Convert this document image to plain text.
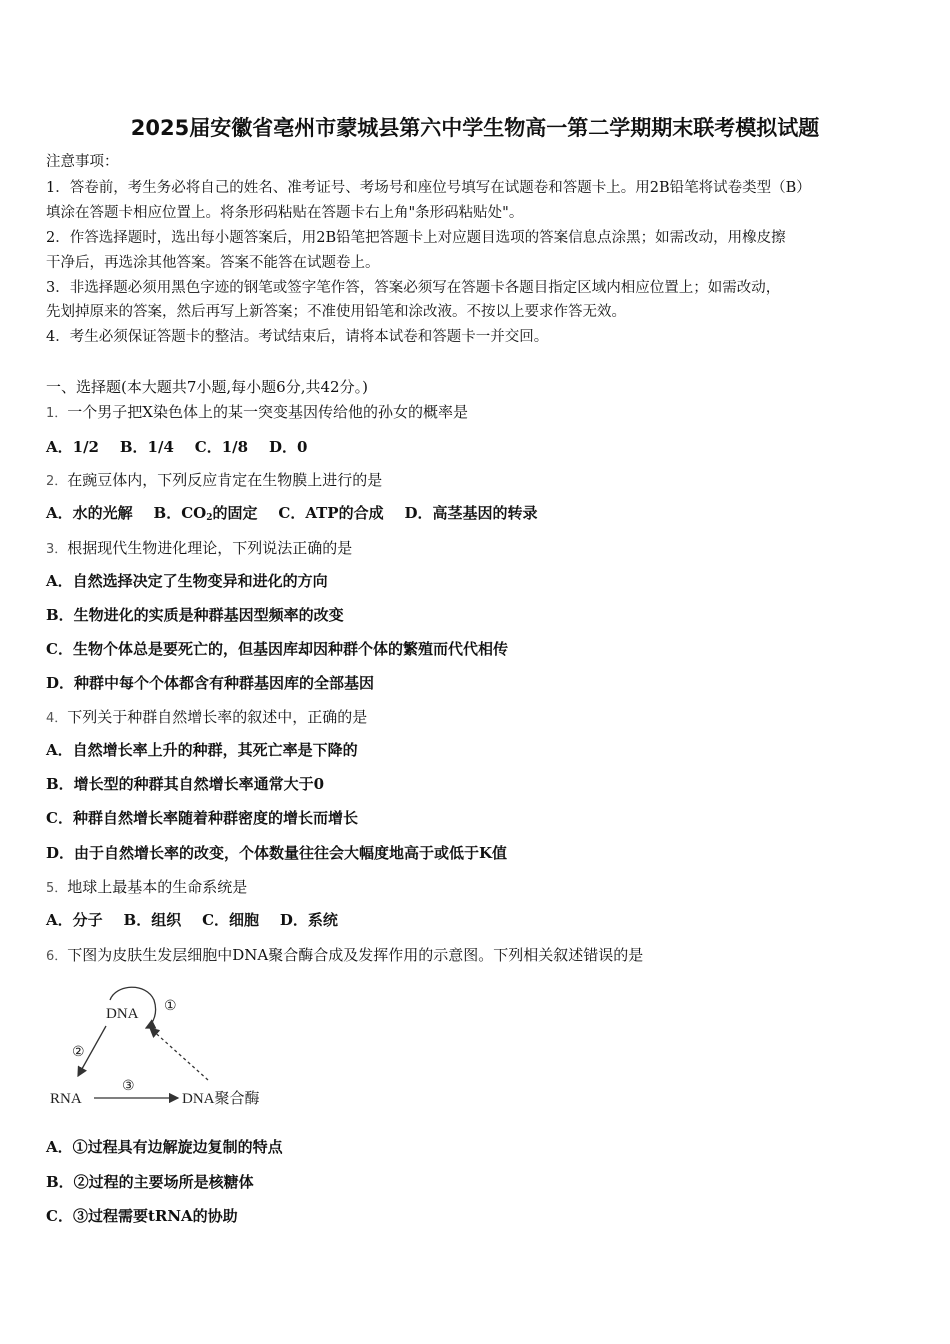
2025届安徽省亳州市蒙城县第六中学生物高一第二学期期末联考模拟试题
注意事项：
1．答卷前，考生务必将自己的姓名、准考证号、考场号和座位号填写在试题卷和答题卡上。用2B铅笔将试卷类型（B）
填涂在答题卡相应位置上。将条形码粘贴在答题卡右上角"条形码粘贴处"。
2．作答选择题时，选出每小题答案后，用2B铅笔把答题卡上对应题目选项的答案信息点涂黑；如需改动，用橡皮擦
干净后，再选涂其他答案。答案不能答在试题卷上。
3．非选择题必须用黑色字迹的钢笔或签字笔作答，答案必须写在答题卡各题目指定区域内相应位置上；如需改动，
先划掉原来的答案，然后再写上新答案；不准使用铅笔和涂改液。不按以上要求作答无效。
4．考生必须保证答题卡的整洁。考试结束后，请将本试卷和答题卡一并交回。
一、选择题(本大题共7小题,每小题6分,共42分。)
1．一个男子把X染色体上的某一突变基因传给他的孙女的概率是
A．1/2    B．1/4    C．1/8    D．0
2．在豌豆体内，下列反应肯定在生物膜上进行的是
A．水的光解 B．$CO_2$的固定 C．ATP的合成 D．高茎基因的转录
3．根据现代生物进化理论，下列说法正确的是
A．自然选择决定了生物变异和进化的方向
B．生物进化的实质是种群基因型频率的改变
C．生物个体总是要死亡的，但基因库却因种群个体的繁殖而代代相传
D．种群中每个个体都含有种群基因库的全部基因
4．下列关于种群自然增长率的叙述中，正确的是
A．自然增长率上升的种群，其死亡率是下降的
B．增长型的种群其自然增长率通常大于0
C．种群自然增长率随着种群密度的增长而增长
D．由于自然增长率的改变，个体数量往往会大幅度地高于或低于K值
5．地球上最基本的生命系统是
A．分子    B．组织    C．细胞    D．系统
6．下图为皮肤生发层细胞中DNA聚合酶合成及发挥作用的示意图。下列相关叙述错误的是
DNA ①
②
RNA
③
DNA聚合酶
A．①过程具有边解旋边复制的特点
B．②过程的主要场所是核糖体
C．③过程需要tRNA的协助
